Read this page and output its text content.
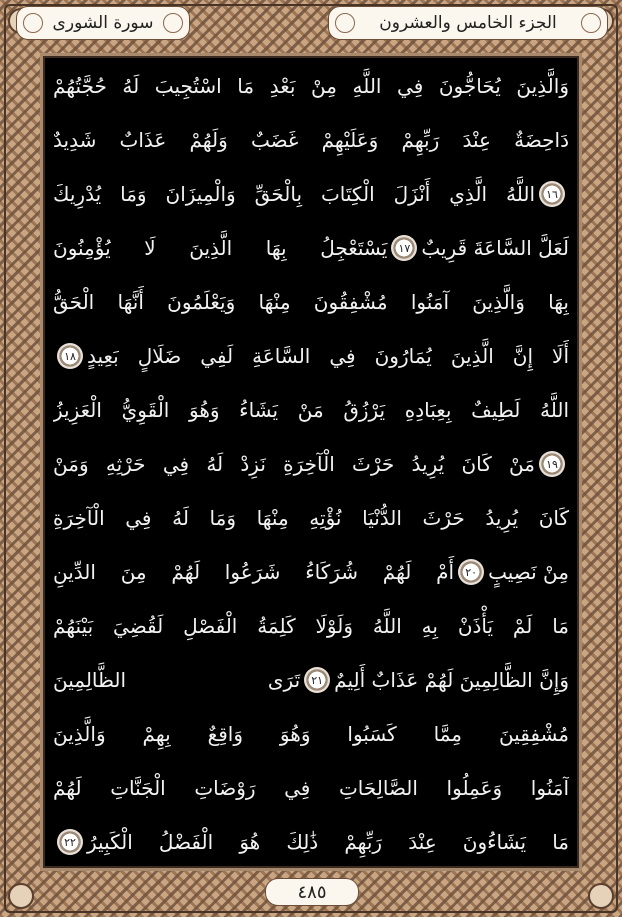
الجزء الخامس والعشرون
سورة الشورى
وَالَّذِينَ يُحَاجُّونَ فِي اللَّهِ مِنْ بَعْدِ مَا اسْتُجِيبَ لَهُ حُجَّتُهُمْ
دَاحِضَةٌ عِنْدَ رَبِّهِمْ وَعَلَيْهِمْ غَضَبٌ وَلَهُمْ عَذَابٌ شَدِيدٌ
١٦
اللَّهُ الَّذِي أَنْزَلَ الْكِتَابَ بِالْحَقِّ وَالْمِيزَانَ وَمَا يُدْرِيكَ
لَعَلَّ السَّاعَةَ قَرِيبٌ
١٧
يَسْتَعْجِلُ بِهَا الَّذِينَ لَا يُؤْمِنُونَ
بِهَا وَالَّذِينَ آمَنُوا مُشْفِقُونَ مِنْهَا وَيَعْلَمُونَ أَنَّهَا الْحَقُّ
أَلَا إِنَّ الَّذِينَ يُمَارُونَ فِي السَّاعَةِ لَفِي ضَلَالٍ بَعِيدٍ
١٨
اللَّهُ لَطِيفٌ بِعِبَادِهِ يَرْزُقُ مَنْ يَشَاءُ وَهُوَ الْقَوِيُّ الْعَزِيزُ
١٩
مَنْ كَانَ يُرِيدُ حَرْثَ الْآخِرَةِ نَزِدْ لَهُ فِي حَرْثِهِ وَمَنْ
كَانَ يُرِيدُ حَرْثَ الدُّنْيَا نُؤْتِهِ مِنْهَا وَمَا لَهُ فِي الْآخِرَةِ
مِنْ نَصِيبٍ
٢٠
أَمْ لَهُمْ شُرَكَاءُ شَرَعُوا لَهُمْ مِنَ الدِّينِ
مَا لَمْ يَأْذَنْ بِهِ اللَّهُ وَلَوْلَا كَلِمَةُ الْفَصْلِ لَقُضِيَ بَيْنَهُمْ
وَإِنَّ الظَّالِمِينَ لَهُمْ عَذَابٌ أَلِيمٌ
٢١
تَرَى الظَّالِمِينَ
مُشْفِقِينَ مِمَّا كَسَبُوا وَهُوَ وَاقِعٌ بِهِمْ وَالَّذِينَ
آمَنُوا وَعَمِلُوا الصَّالِحَاتِ فِي رَوْضَاتِ الْجَنَّاتِ لَهُمْ
مَا يَشَاءُونَ عِنْدَ رَبِّهِمْ ذَٰلِكَ هُوَ الْفَضْلُ الْكَبِيرُ
٢٢
٤٨٥
